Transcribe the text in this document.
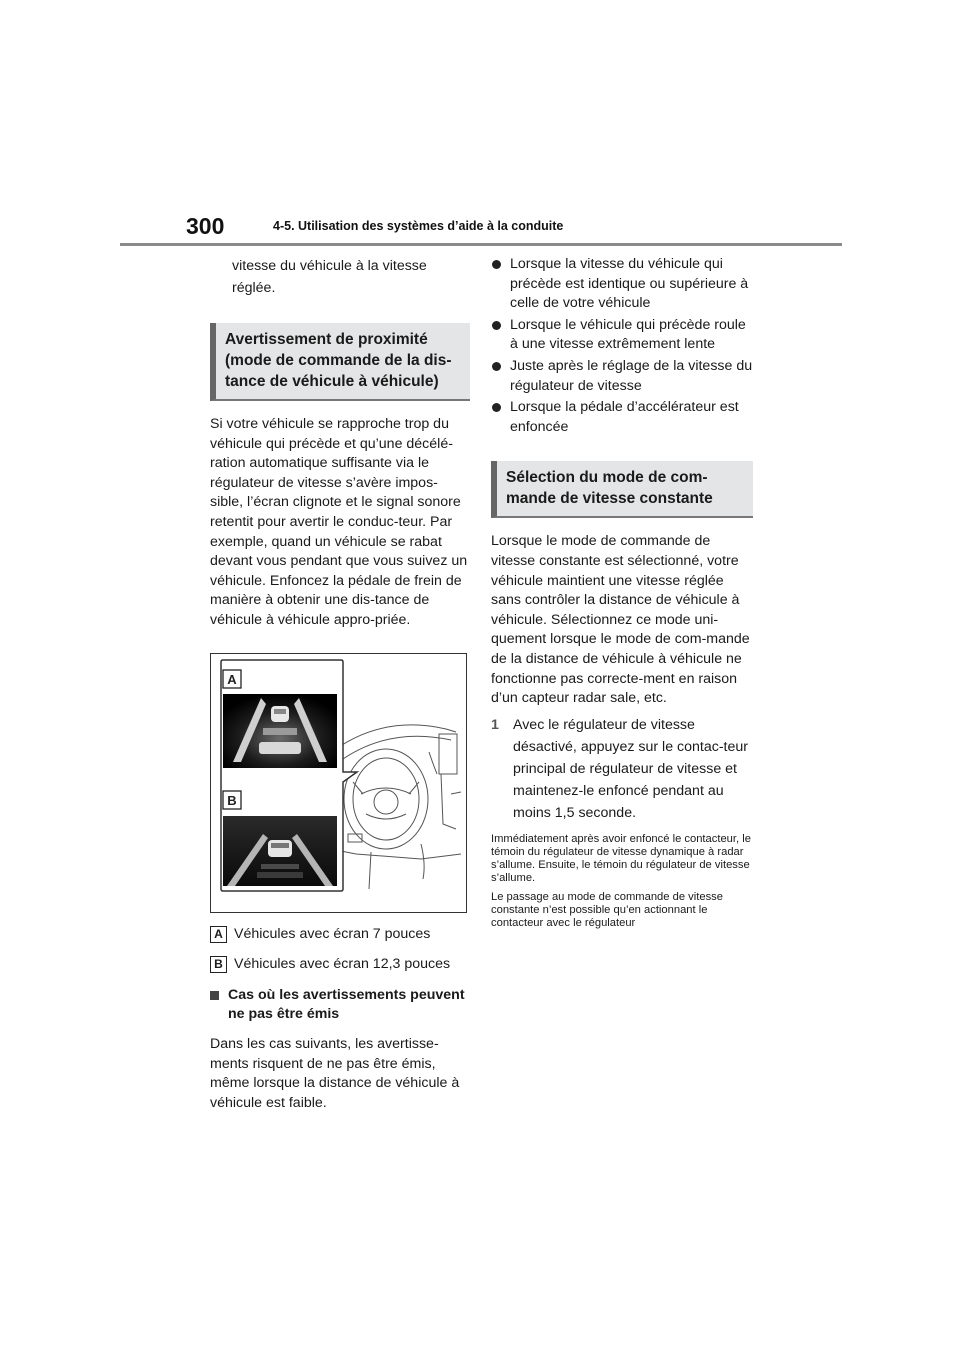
300	4-5. Utilisation des systèmes d’aide à la conduite

vitesse du véhicule à la vitesse réglée.

Avertissement de proximité (mode de commande de la dis-tance de véhicule à véhicule)

Si votre véhicule se rapproche trop du véhicule qui précède et qu’une décélé-ration automatique suffisante via le régulateur de vitesse s’avère impos-sible, l’écran clignote et le signal sonore retentit pour avertir le conduc-teur. Par exemple, quand un véhicule se rabat devant vous pendant que vous suivez un véhicule. Enfoncez la pédale de frein de manière à obtenir une dis-tance de véhicule à véhicule appro-priée.

A
B
A Véhicules avec écran 7 pouces
B Véhicules avec écran 12,3 pouces
Cas où les avertissements peuvent ne pas être émis

Dans les cas suivants, les avertisse-ments risquent de ne pas être émis, même lorsque la distance de véhicule à véhicule est faible.

Lorsque la vitesse du véhicule qui précède est identique ou supérieure à celle de votre véhicule
Lorsque le véhicule qui précède roule à une vitesse extrêmement lente
Juste après le réglage de la vitesse du régulateur de vitesse
Lorsque la pédale d’accélérateur est enfoncée
Sélection du mode de com-mande de vitesse constante

Lorsque le mode de commande de vitesse constante est sélectionné, votre véhicule maintient une vitesse réglée sans contrôler la distance de véhicule à véhicule. Sélectionnez ce mode uni-quement lorsque le mode de com-mande de la distance de véhicule à véhicule ne fonctionne pas correcte-ment en raison d’un capteur radar sale, etc.

1 Avec le régulateur de vitesse désactivé, appuyez sur le contac-teur principal de régulateur de vitesse et maintenez-le enfoncé pendant au moins 1,5 seconde.

Immédiatement après avoir enfoncé le contacteur, le témoin du régulateur de vitesse dynamique à radar s’allume. Ensuite, le témoin du régulateur de vitesse s’allume.

Le passage au mode de commande de vitesse constante n’est possible qu’en actionnant le contacteur avec le régulateur
